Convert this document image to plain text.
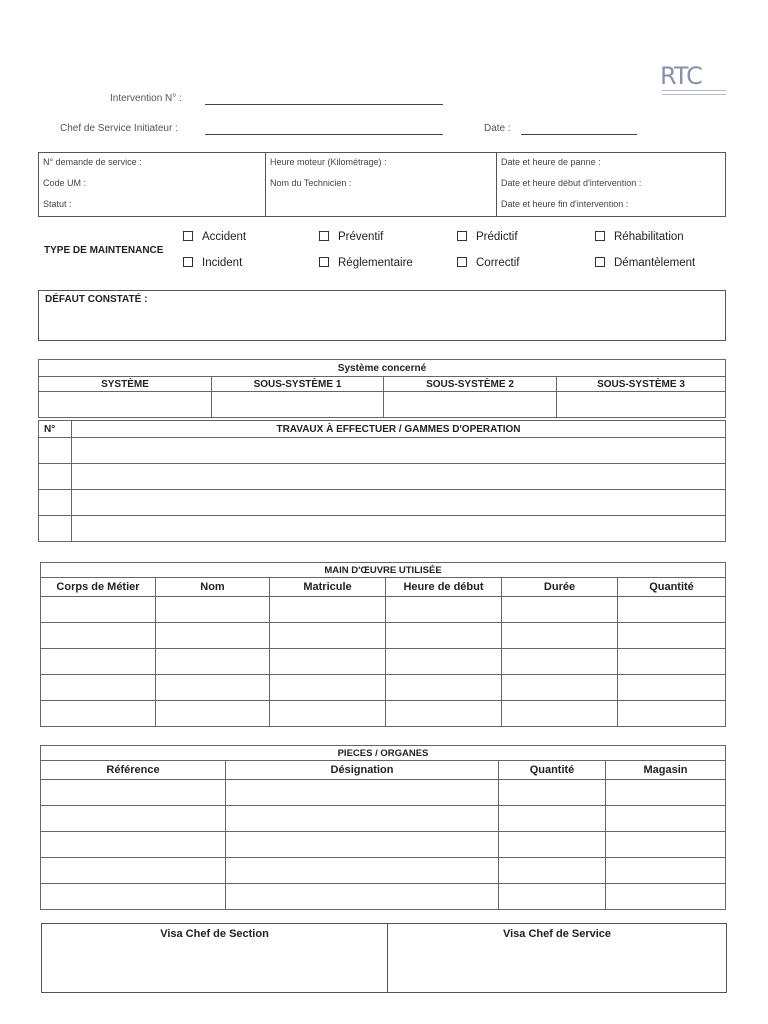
RTC
Intervention N° :
Chef de Service Initiateur :	Date :
N° demande de service :	Heure moteur (Kilométrage) :	Date et heure de panne :
Code UM :	Nom du Technicien :	Date et heure début d'intervention :
Statut :		Date et heure fin d'intervention :
TYPE DE MAINTENANCE
Accident	Préventif	Prédictif	Réhabilitation
Incident	Réglementaire	Correctif	Démantèlement
DÉFAUT CONSTATÉ :
Système concerné			
SYSTÈME	SOUS-SYSTÈME 1	SOUS-SYSTÈME 2	SOUS-SYSTÈME 3

N°	TRAVAUX À EFFECTUER / GAMMES D'OPERATION

MAIN D'ŒUVRE UTILISÉE					
Corps de Métier	Nom	Matricule	Heure de début	Durée	Quantité

PIECES / ORGANES			
Référence	Désignation	Quantité	Magasin

Visa Chef de Section	Visa Chef de Service
